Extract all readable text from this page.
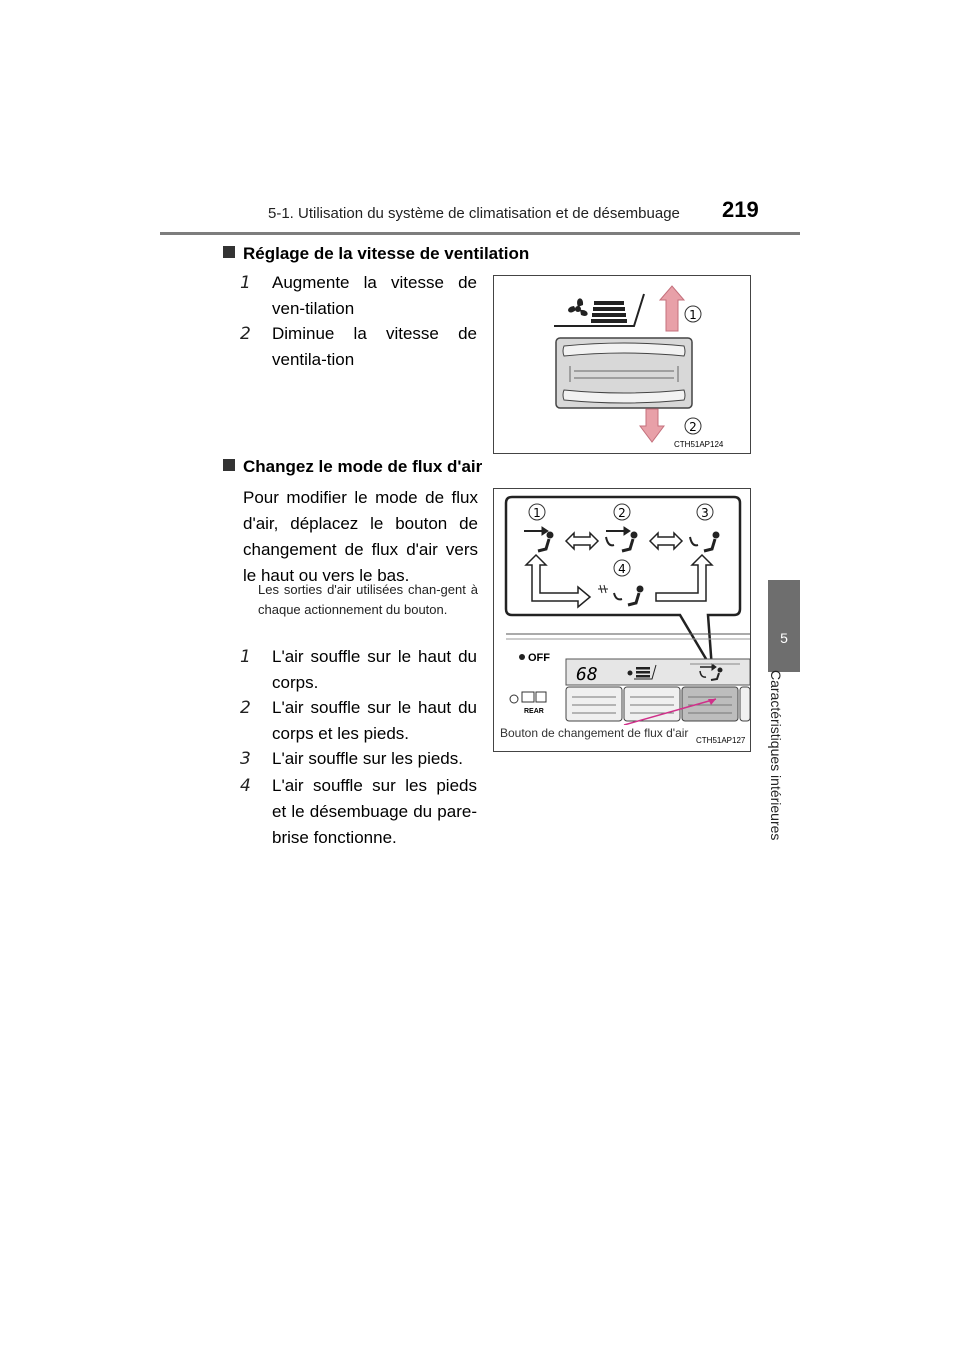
5-1. Utilisation du système de climatisation et de désembuage 219
5
Caractéristiques intérieures
Réglage de la vitesse de ventilation
1	Augmente la vitesse de ven-tilation
2	Diminue la vitesse de ventila-tion
1
2
CTH51AP124
Changez le mode de flux d'air
Pour modifier le mode de flux d'air, déplacez le bouton de changement de flux d'air vers le haut ou vers le bas.
Les sorties d'air utilisées chan-gent à chaque actionnement du bouton.
1	L'air souffle sur le haut du corps.
2	L'air souffle sur le haut du corps et les pieds.
3	L'air souffle sur les pieds.
4	L'air souffle sur les pieds et le désembuage du pare-brise fonctionne.
1	2	3
4
OFF
68
REAR
Bouton de changement de flux d'air
CTH51AP127
